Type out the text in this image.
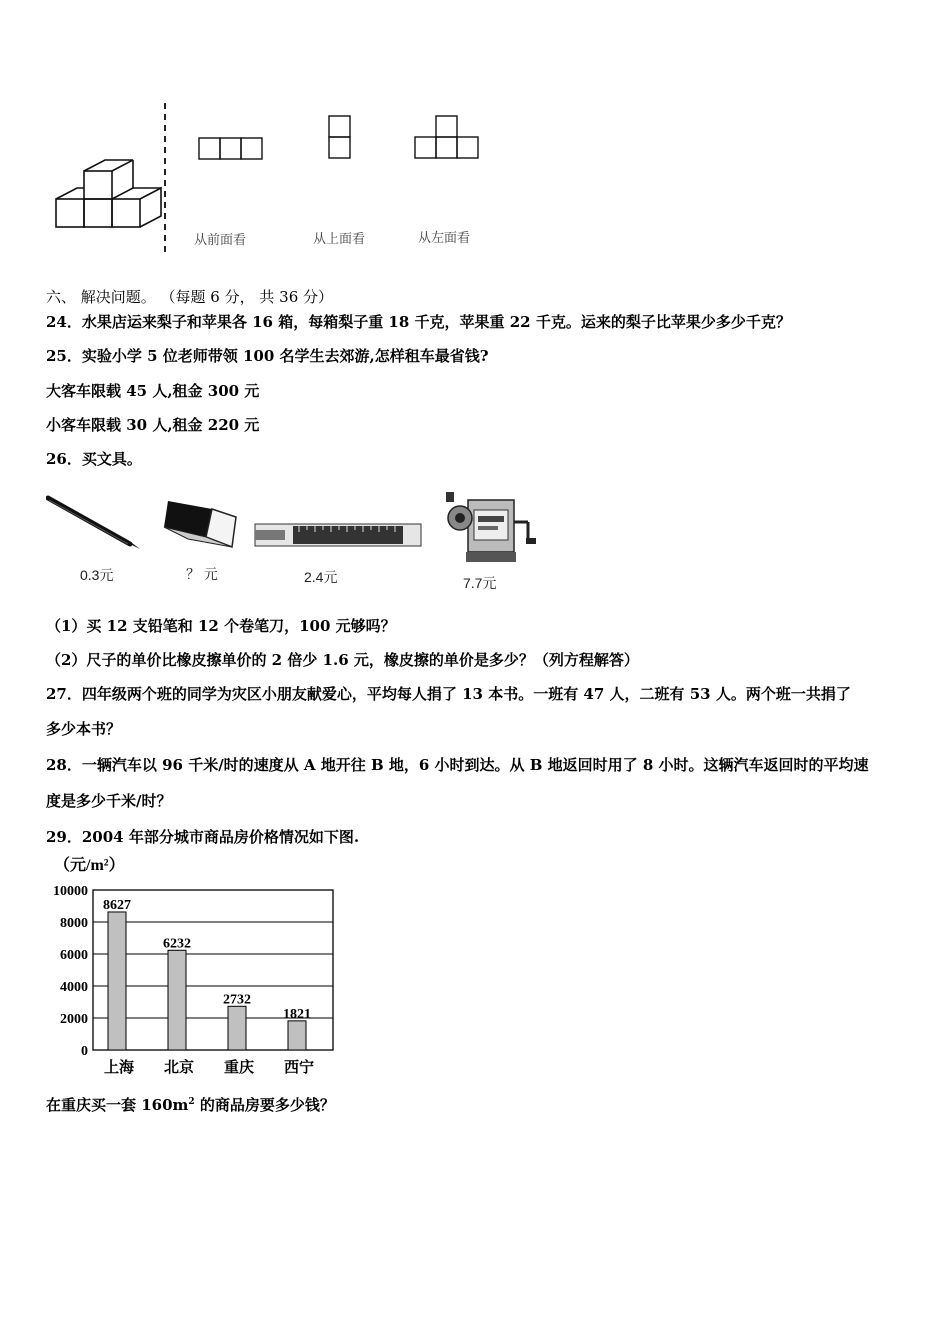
从前面看	从上面看	从左面看
六、 解决问题。 （每题 6 分， 共 36 分）
24．水果店运来梨子和苹果各 16 箱，每箱梨子重 18 千克，苹果重 22 千克。运来的梨子比苹果少多少千克？
25．实验小学 5 位老师带领 100 名学生去郊游,怎样租车最省钱?
大客车限载 45 人,租金 300 元
小客车限载 30 人,租金 220 元
26．买文具。
0.3元	？ 元	2.4元	7.7元
（1）买 12 支铅笔和 12 个卷笔刀，100 元够吗？
（2）尺子的单价比橡皮擦单价的 2 倍少 1.6 元，橡皮擦的单价是多少？（列方程解答）
27．四年级两个班的同学为灾区小朋友献爱心，平均每人捐了 13 本书。一班有 47 人，二班有 53 人。两个班一共捐了
多少本书？
28．一辆汽车以 96 千米/时的速度从 A 地开往 B 地，6 小时到达。从 B 地返回时用了 8 小时。这辆汽车返回时的平均速
度是多少千米/时？
29．2004 年部分城市商品房价格情况如下图.
（元/m²）
10000
8000
6000
4000
2000
0
8627
6232
2732
1821
上海 北京 重庆 西宁
在重庆买一套 $160m^2$ 的商品房要多少钱？
